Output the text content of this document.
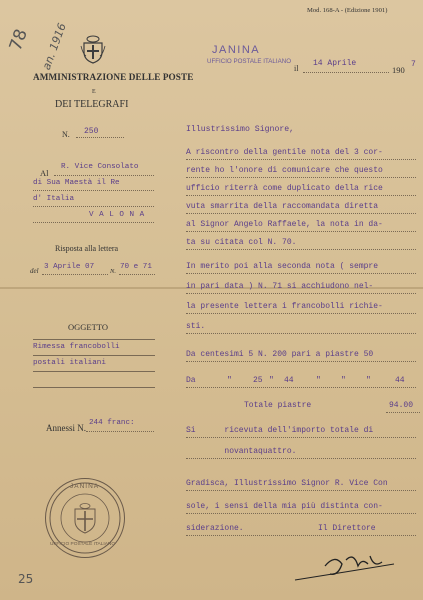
78 an. 1916
25
AMMINISTRAZIONE DELLE POSTE
E
DEI TELEGRAFI
Mod. 168-A - (Edizione 1901)
JANINA
UFFICIO POSTALE ITALIANO
il
14 Aprile
190
7
N. 250
Al
R. Vice Consolato
di Sua Maestà il Re
d' Italia
V A L O N A
Risposta alla lettera
del 3 Aprile 07
N.
70 e 71
OGGETTO
Rimessa francobolli
postali italiani
Annessi N. 244 franc:
JANINA
UFFICIO POSTALE ITALIANO
Illustrissimo Signore,
A riscontro della gentile nota del 3 cor-
rente ho l'onore di comunicare che questo
ufficio riterrà come duplicato della rice
vuta smarrita della raccomandata diretta
al Signor Angelo Raffaele, la nota in da-
ta su citata col N. 70.
In merito poi alla seconda nota ( sempre
in pari data ) N. 71 si acchiudono nel-
la presente lettera i francobolli richie-
sti.
Da centesimi 5 N. 200 pari a piastre 50
Da	"	25 " 44	"	"	"	44
Totale piastre	94.00
Si      ricevuta dell'importo totale di
novantaquattro.
Gradisca, Illustrissimo Signor R. Vice Con
sole, i sensi della mia più distinta con-
siderazione.	Il Direttore
